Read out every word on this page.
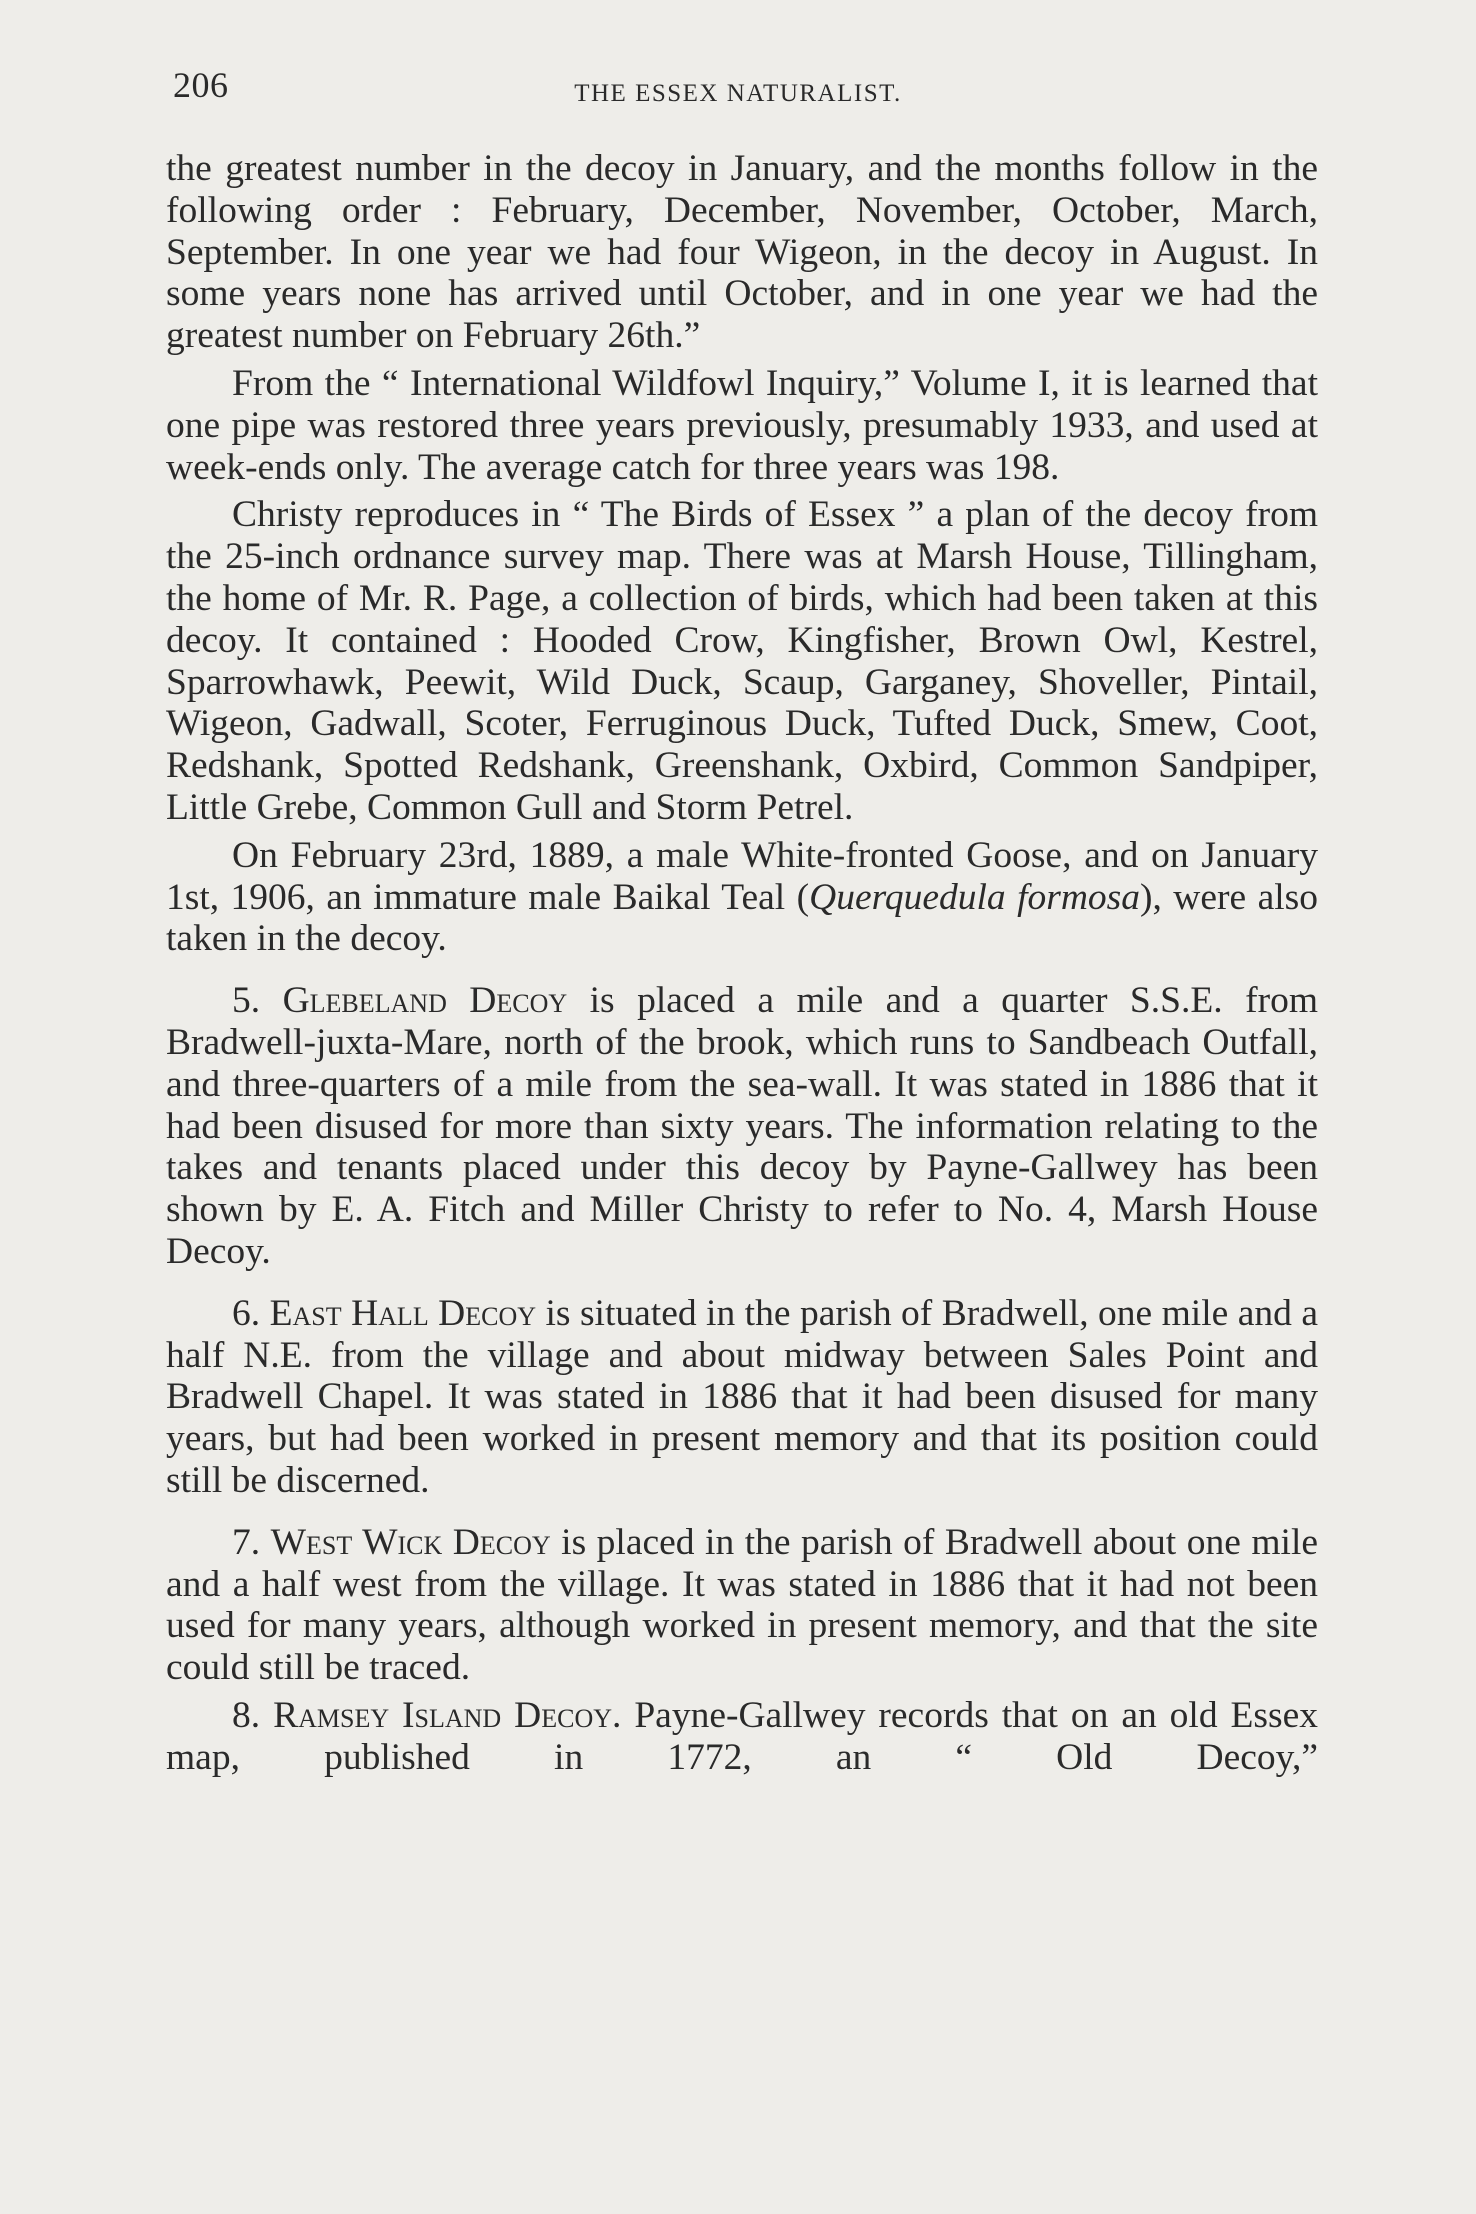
206	THE ESSEX NATURALIST.

the greatest number in the decoy in January, and the months follow in the following order : February, December, November, October, March, September. In one year we had four Wigeon, in the decoy in August. In some years none has arrived until October, and in one year we had the greatest number on February 26th.”

From the “ International Wildfowl Inquiry,” Volume I, it is learned that one pipe was restored three years previously, presumably 1933, and used at week-ends only. The average catch for three years was 198.

Christy reproduces in “ The Birds of Essex ” a plan of the decoy from the 25-inch ordnance survey map. There was at Marsh House, Tillingham, the home of Mr. R. Page, a collection of birds, which had been taken at this decoy. It contained : Hooded Crow, Kingfisher, Brown Owl, Kestrel, Sparrowhawk, Peewit, Wild Duck, Scaup, Garganey, Shoveller, Pintail, Wigeon, Gadwall, Scoter, Ferruginous Duck, Tufted Duck, Smew, Coot, Redshank, Spotted Redshank, Greenshank, Oxbird, Common Sandpiper, Little Grebe, Common Gull and Storm Petrel.

On February 23rd, 1889, a male White-fronted Goose, and on January 1st, 1906, an immature male Baikal Teal (Querquedula formosa), were also taken in the decoy.

5. Glebeland Decoy is placed a mile and a quarter S.S.E. from Bradwell-juxta-Mare, north of the brook, which runs to Sandbeach Outfall, and three-quarters of a mile from the sea-wall. It was stated in 1886 that it had been disused for more than sixty years. The information relating to the takes and tenants placed under this decoy by Payne-Gallwey has been shown by E. A. Fitch and Miller Christy to refer to No. 4, Marsh House Decoy.

6. East Hall Decoy is situated in the parish of Bradwell, one mile and a half N.E. from the village and about midway between Sales Point and Bradwell Chapel. It was stated in 1886 that it had been disused for many years, but had been worked in present memory and that its position could still be discerned.

7. West Wick Decoy is placed in the parish of Bradwell about one mile and a half west from the village. It was stated in 1886 that it had not been used for many years, although worked in present memory, and that the site could still be traced.

8. Ramsey Island Decoy. Payne-Gallwey records that on an old Essex map, published in 1772, an “ Old Decoy,”
